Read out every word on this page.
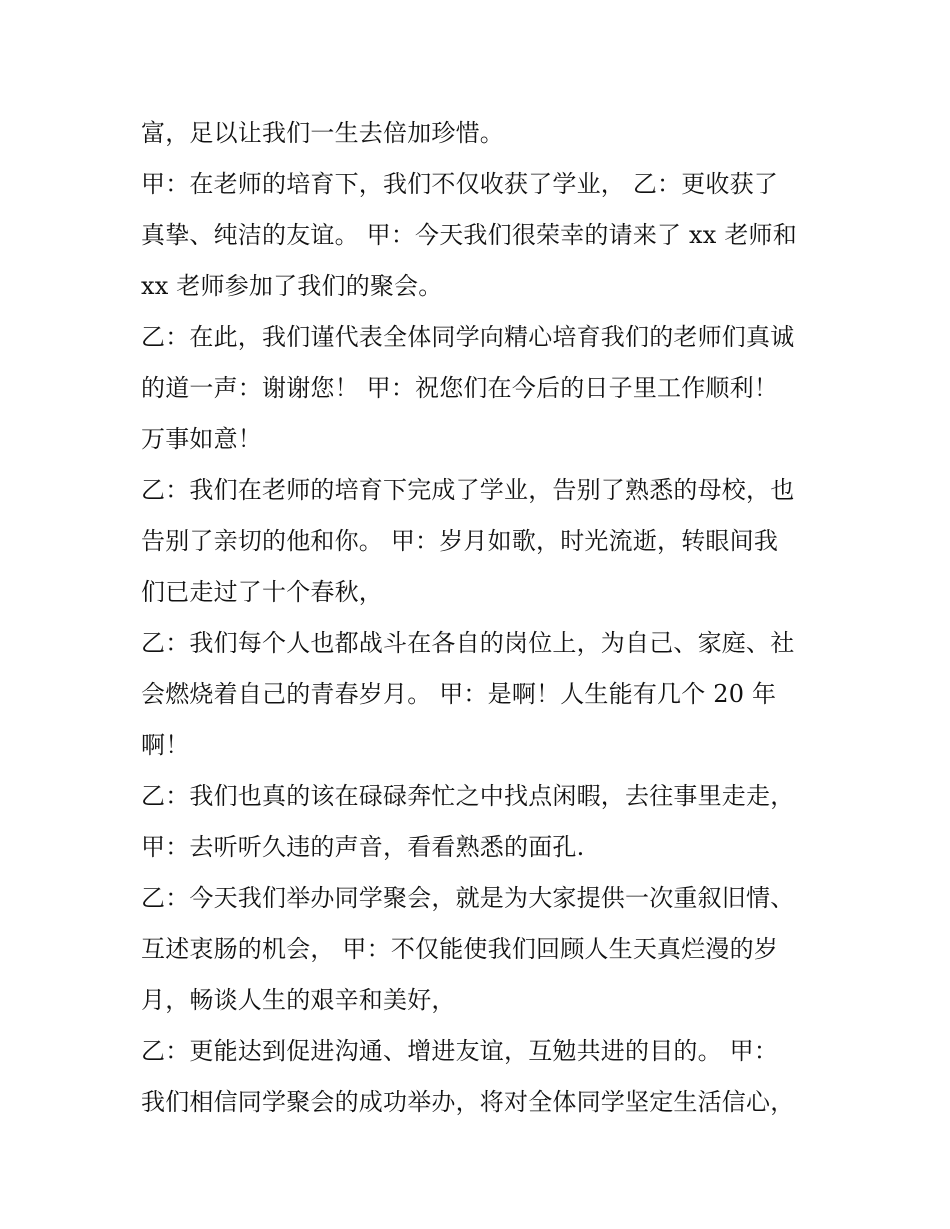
富，足以让我们一生去倍加珍惜。
甲：在老师的培育下，我们不仅收获了学业， 乙：更收获了
真挚、纯洁的友谊。 甲：今天我们很荣幸的请来了 xx 老师和
xx 老师参加了我们的聚会。
乙：在此，我们谨代表全体同学向精心培育我们的老师们真诚
的道一声：谢谢您！ 甲：祝您们在今后的日子里工作顺利！
万事如意！
乙：我们在老师的培育下完成了学业，告别了熟悉的母校，也
告别了亲切的他和你。 甲：岁月如歌，时光流逝，转眼间我
们已走过了十个春秋，
乙：我们每个人也都战斗在各自的岗位上，为自己、家庭、社
会燃烧着自己的青春岁月。 甲：是啊！人生能有几个 20 年
啊！
乙：我们也真的该在碌碌奔忙之中找点闲暇，去往事里走走，
甲：去听听久违的声音，看看熟悉的面孔.
乙：今天我们举办同学聚会，就是为大家提供一次重叙旧情、
互述衷肠的机会， 甲：不仅能使我们回顾人生天真烂漫的岁
月，畅谈人生的艰辛和美好，
乙：更能达到促进沟通、增进友谊，互勉共进的目的。 甲：
我们相信同学聚会的成功举办，将对全体同学坚定生活信心，
